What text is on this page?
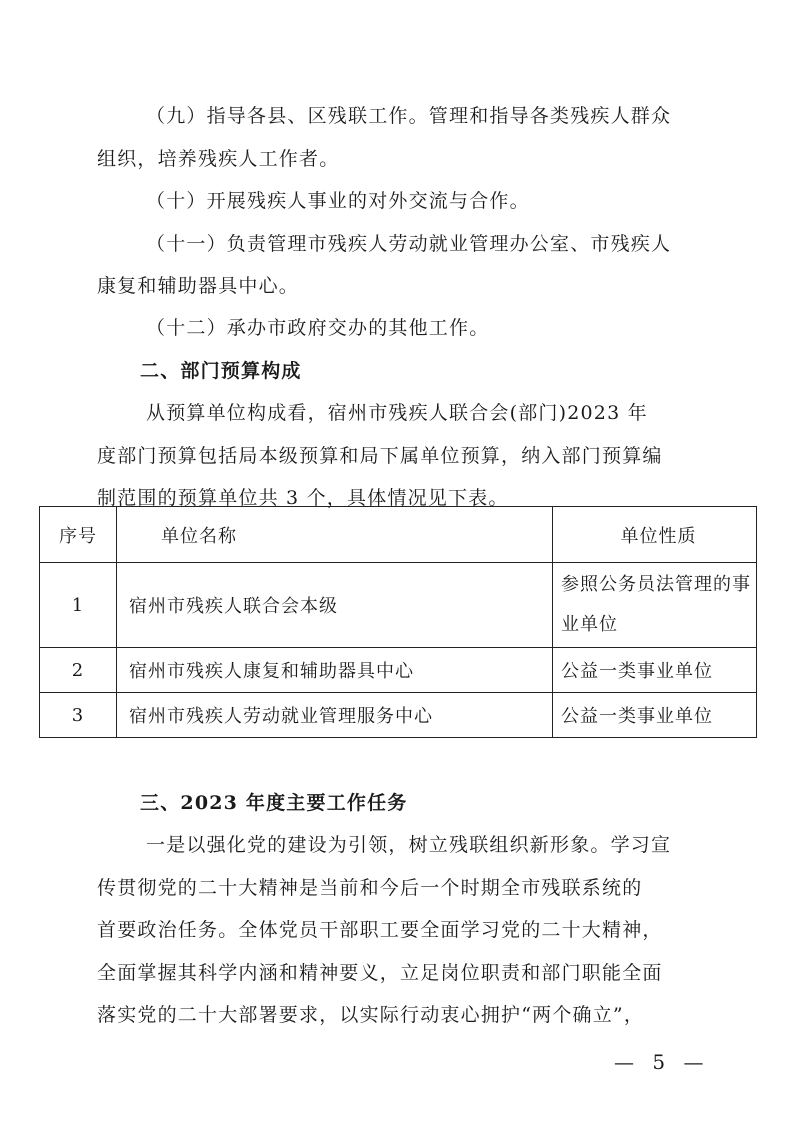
（九）指导各县、区残联工作。管理和指导各类残疾人群众
组织，培养残疾人工作者。
（十）开展残疾人事业的对外交流与合作。
（十一）负责管理市残疾人劳动就业管理办公室、市残疾人
康复和辅助器具中心。
（十二）承办市政府交办的其他工作。
二、部门预算构成
从预算单位构成看，宿州市残疾人联合会(部门)2023 年
度部门预算包括局本级预算和局下属单位预算，纳入部门预算编
制范围的预算单位共 3 个，具体情况见下表。
序号	单位名称	单位性质
1	宿州市残疾人联合会本级	参照公务员法管理的事业单位
2	宿州市残疾人康复和辅助器具中心	公益一类事业单位
3	宿州市残疾人劳动就业管理服务中心	公益一类事业单位
三、2023 年度主要工作任务
一是以强化党的建设为引领，树立残联组织新形象。学习宣
传贯彻党的二十大精神是当前和今后一个时期全市残联系统的
首要政治任务。全体党员干部职工要全面学习党的二十大精神，
全面掌握其科学内涵和精神要义，立足岗位职责和部门职能全面
落实党的二十大部署要求，以实际行动衷心拥护“两个确立”，
— 5 —
